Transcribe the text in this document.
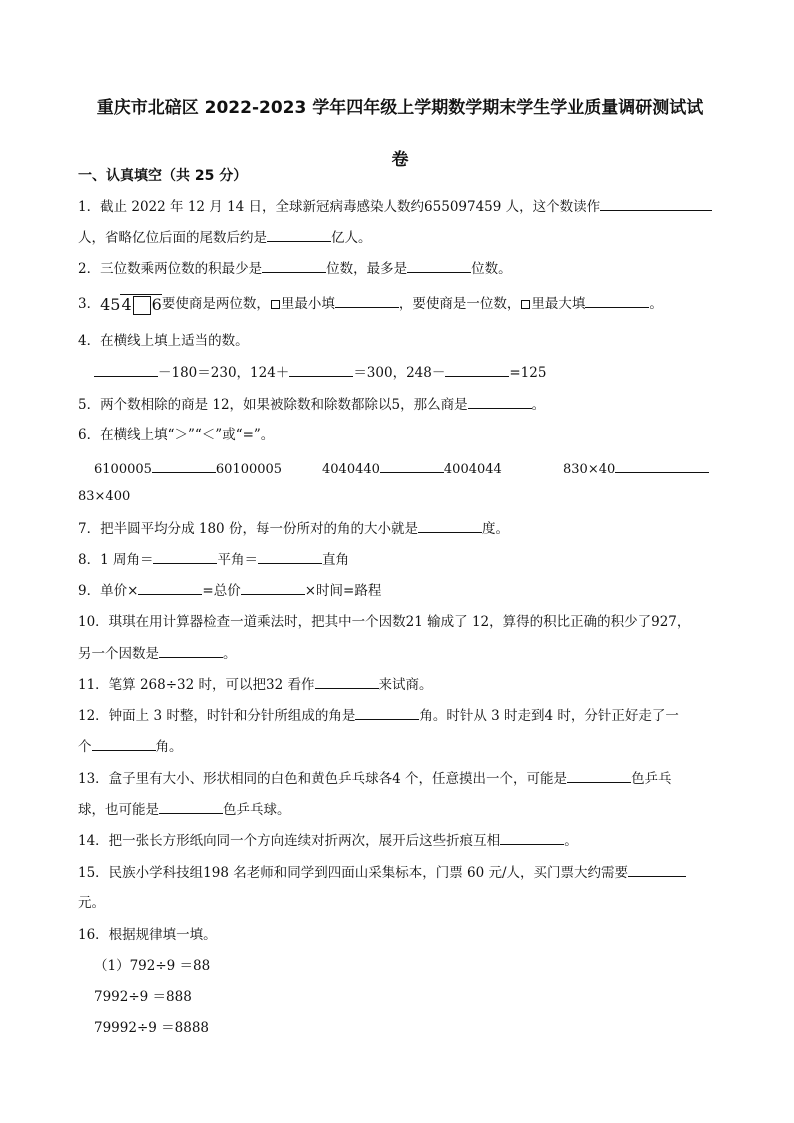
重庆市北碚区 2022-2023 学年四年级上学期数学期末学生学业质量调研测试试
卷
一、认真填空（共 25 分）
1．截止 2022 年 12 月 14 日，全球新冠病毒感染人数约655097459 人，这个数读作
人，省略亿位后面的尾数后约是	亿人。
2．三位数乘两位数的积最少是	位数，最多是	位数。
3．454 6要使商是两位数， 里最小填	，要使商是一位数， 里最大填	。
4．在横线上填上适当的数。
－180＝230，124＋	＝300，248－	=125
5．两个数相除的商是 12，如果被除数和除数都除以5，那么商是	。
6．在横线上填“＞”“＜”或“=”。
6100005	60100005	4040440	4004044	830×40
83×400
7．把半圆平均分成 180 份，每一份所对的角的大小就是	度。
8．1 周角＝	平角＝	直角
9．单价×	=总价	×时间=路程
10．琪琪在用计算器检查一道乘法时，把其中一个因数21 输成了 12，算得的积比正确的积少了927，
另一个因数是	。
11．笔算 268÷32 时，可以把32 看作	来试商。
12．钟面上 3 时整，时针和分针所组成的角是	角。时针从 3 时走到4 时，分针正好走了一
个	角。
13．盒子里有大小、形状相同的白色和黄色乒乓球各4 个，任意摸出一个，可能是	色乒乓
球，也可能是	色乒乓球。
14．把一张长方形纸向同一个方向连续对折两次，展开后这些折痕互相	。
15．民族小学科技组198 名老师和同学到四面山采集标本，门票 60 元/人，买门票大约需要
元。
16．根据规律填一填。
（1）792÷9 ＝88
7992÷9 ＝888
79992÷9 ＝8888
